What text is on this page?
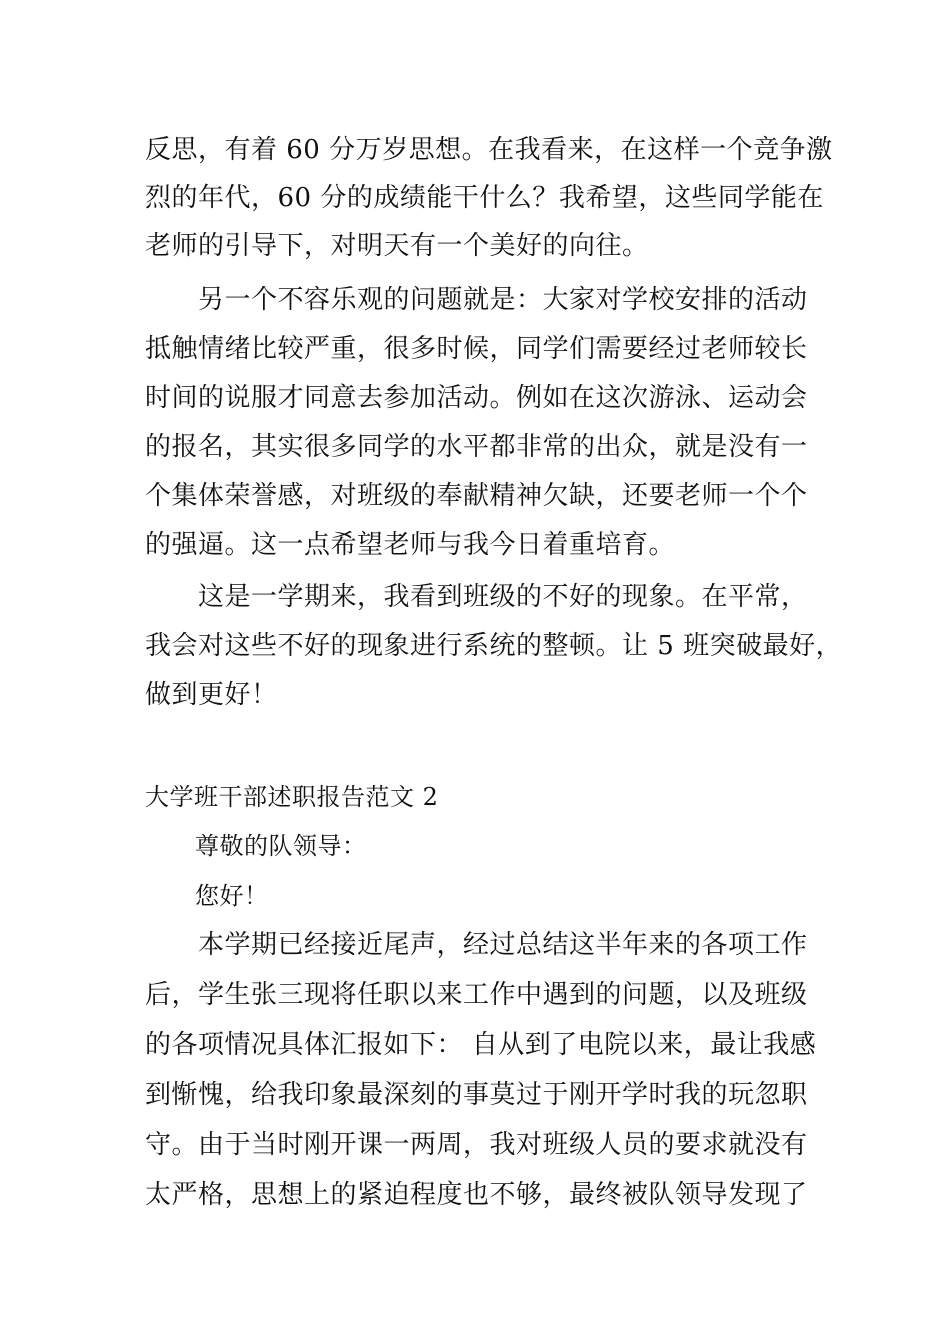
反思，有着 60 分万岁思想。在我看来，在这样一个竞争激
烈的年代，60 分的成绩能干什么？我希望，这些同学能在
老师的引导下，对明天有一个美好的向往。
另一个不容乐观的问题就是：大家对学校安排的活动
抵触情绪比较严重，很多时候，同学们需要经过老师较长
时间的说服才同意去参加活动。例如在这次游泳、运动会
的报名，其实很多同学的水平都非常的出众，就是没有一
个集体荣誉感，对班级的奉献精神欠缺，还要老师一个个
的强逼。这一点希望老师与我今日着重培育。
这是一学期来，我看到班级的不好的现象。在平常，
我会对这些不好的现象进行系统的整顿。让 5 班突破最好，
做到更好！
大学班干部述职报告范文 2
尊敬的队领导：
您好！
本学期已经接近尾声，经过总结这半年来的各项工作
后，学生张三现将任职以来工作中遇到的问题，以及班级
的各项情况具体汇报如下： 自从到了电院以来，最让我感
到惭愧，给我印象最深刻的事莫过于刚开学时我的玩忽职
守。由于当时刚开课一两周，我对班级人员的要求就没有
太严格，思想上的紧迫程度也不够，最终被队领导发现了
